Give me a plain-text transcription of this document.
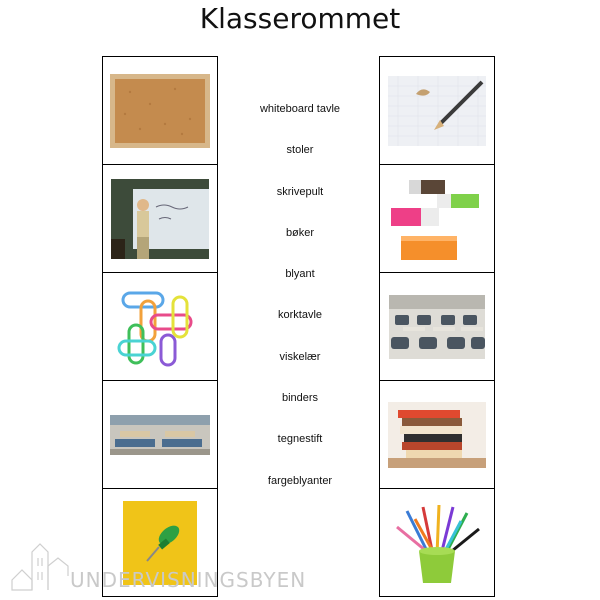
Klasserommet
whiteboard tavle
stoler
skrivepult
bøker
blyant
korktavle
viskelær
binders
tegnestift
fargeblyanter
UNDERVISNINGSBYEN
